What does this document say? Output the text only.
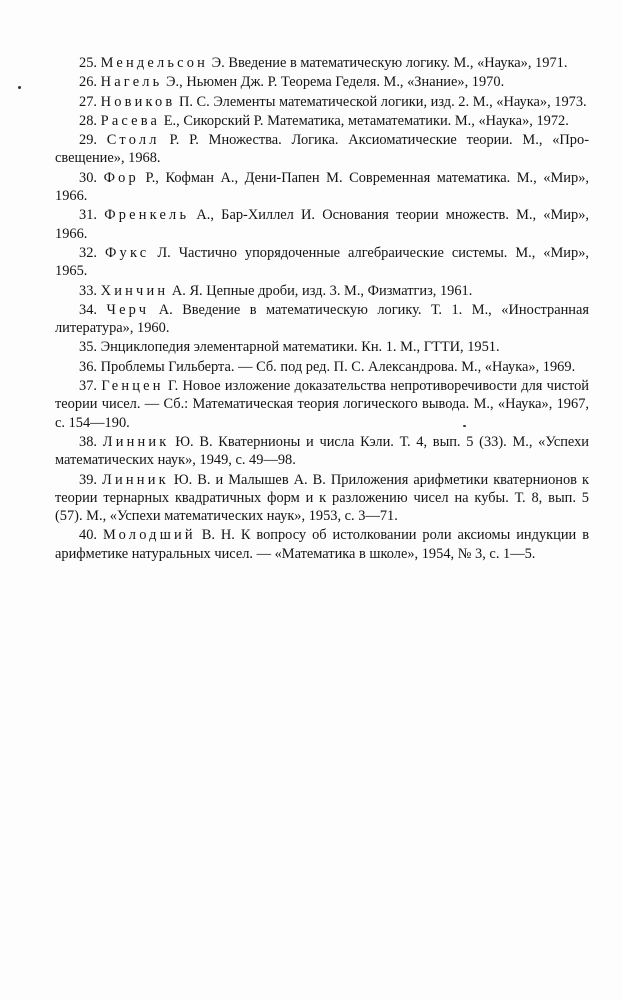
25. Мендельсон Э. Введение в математическую логику. М., «Наука», 1971.

26. Нагель Э., Ньюмен Дж. Р. Теорема Геделя. М., «Знание», 1970.

27. Новиков П. С. Элементы математической логики, изд. 2. М., «Наука», 1973.

28. Расева Е., Сикорский Р. Математика, метаматематики. М., «Наука», 1972.

29. Столл Р. Р. Множества. Логика. Аксиоматические теории. М., «Просвещение», 1968.

30. Фор Р., Кофман А., Дени-Папен М. Современная математика. М., «Мир», 1966.

31. Френкель А., Бар-Хиллел И. Основания теории множеств. М., «Мир», 1966.

32. Фукс Л. Частично упорядоченные алгебраические системы. М., «Мир», 1965.

33. Хинчин А. Я. Цепные дроби, изд. 3. М., Физматгиз, 1961.

34. Черч А. Введение в математическую логику. Т. 1. М., «Иностранная литература», 1960.

35. Энциклопедия элементарной математики. Кн. 1. М., ГТТИ, 1951.

36. Проблемы Гильберта. — Сб. под ред. П. С. Александрова. М., «Наука», 1969.

37. Генцен Г. Новое изложение доказательства непротиворечивости для чистой теории чисел. — Сб.: Математическая теория логического вывода. М., «Наука», 1967, с. 154—190.

38. Линник Ю. В. Кватернионы и числа Кэли. Т. 4, вып. 5 (33). М., «Успехи математических наук», 1949, с. 49—98.

39. Линник Ю. В. и Малышев А. В. Приложения арифметики кватернионов к теории тернарных квадратичных форм и к разложению чисел на кубы. Т. 8, вып. 5 (57). М., «Успехи математических наук», 1953, с. 3—71.

40. Молодший В. Н. К вопросу об истолковании роли аксиомы индукции в арифметике натуральных чисел. — «Математика в школе», 1954, № 3, с. 1—5.
